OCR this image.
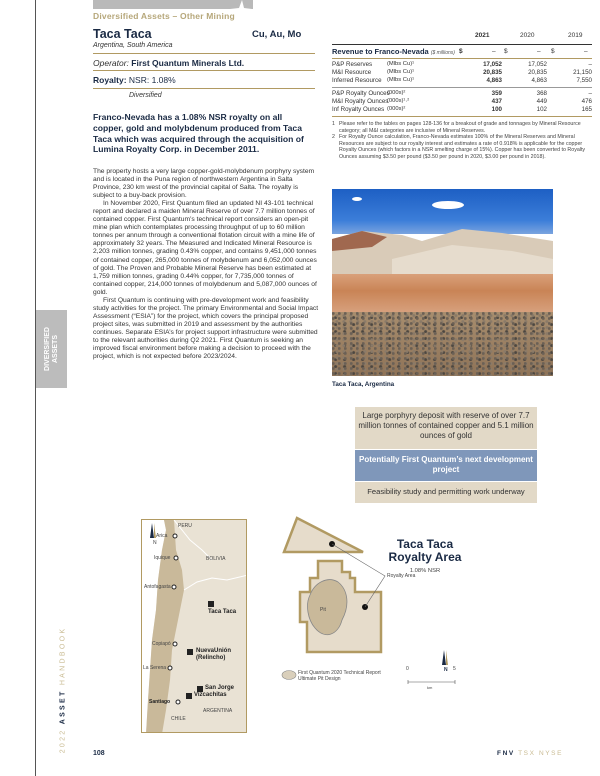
Diversified Assets – Other Mining
Taca Taca	Cu, Au, Mo
Argentina, South America
Operator: First Quantum Minerals Ltd.
Royalty: NSR: 1.08%
Diversified
2021	2020	2019
Revenue to Franco-Nevada ($ millions) $	– $	– $	–
P&P Reserves	(Mlbs Cu)¹	17,052	17,052	–
M&I Resource	(Mlbs Cu)¹	20,835	20,835	21,150
Inferred Resource (Mlbs Cu)¹	4,863	4,863	7,550
P&P Royalty Ounces
(000s)²	359	368	–
M&I Royalty Ounces
(000s)¹˒²	437	449	476
Inf Royalty Ounces (000s)²	100	102	165
1 Please refer to the tables on pages 128-136 for a breakout of grade and tonnages by Mineral Resource category; all M&I categories are inclusive of Mineral Reserves.
2 For Royalty Ounce calculation, Franco-Nevada estimates 100% of the Mineral Reserves and Mineral Resources are subject to our royalty interest and estimates a rate of 0.918% is applicable for the copper Royalty Ounces (which factors in a NSR smelting charge of 15%). Copper has been converted to Royalty Ounces assuming $3.50 per pound ($3.50 per pound in 2020, $3.00 per pound in 2018).
Franco-Nevada has a 1.08% NSR royalty on all copper, gold and molybdenum produced from Taca Taca which was acquired through the acquisition of Lumina Royalty Corp. in December 2011.

The property hosts a very large copper-gold-molybdenum porphyry system and is located in the Puna region of northwestern Argentina in Salta Province, 230 km west of the provincial capital of Salta. The royalty is subject to a buy-back provision.

In November 2020, First Quantum filed an updated NI 43-101 technical report and declared a maiden Mineral Reserve of over 7.7 million tonnes of contained copper. First Quantum’s technical report considers an open-pit mine plan which contemplates processing throughput of up to 60 million tonnes per annum through a conventional flotation circuit with a mine life of approximately 32 years. The Measured and Indicated Mineral Resource is 2,203 million tonnes, grading 0.43% copper, and contains 9,451,000 tonnes of contained copper, 265,000 tonnes of molybdenum and 6,052,000 ounces of gold. The Proven and Probable Mineral Reserve has been estimated at 1,759 million tonnes, grading 0.44% copper, for 7,735,000 tonnes of contained copper, 214,000 tonnes of molybdenum and 5,087,000 ounces of gold.

First Quantum is continuing with pre-development work and feasibility study activities for the project. The primary Environmental and Social Impact Assessment (“ESIA”) for the project, which covers the principal proposed project sites, was submitted in 2019 and assessment by the authorities continues. Separate ESIA’s for project support infrastructure were submitted to the relevant authorities during Q2 2021. First Quantum is seeking an improved fiscal environment before making a decision to proceed with the project, which is not expected before 2023/2024.

DIVERSIFIED ASSETS
Taca Taca, Argentina
Large porphyry deposit with reserve of over 7.7 million tonnes of contained copper and 5.1 million ounces of gold
Potentially First Quantum’s next development project
Feasibility study and permitting work underway
PERU
BOLIVIA
ARGENTINA
CHILE
N
Arica
Iquique
Antofagasta
Copiapó
La Serena
Santiago
Taca Taca
NuevaUnión (Relincho)
San Jorge
Vizcachitas
Taca Taca
Royalty Area
1.08% NSR
Royalty Area
Pit
N
0	5
km
First Quantum 2020 Technical Report Ultimate Pit Design
2022 ASSET HANDBOOK
108	FNV TSX NYSE
